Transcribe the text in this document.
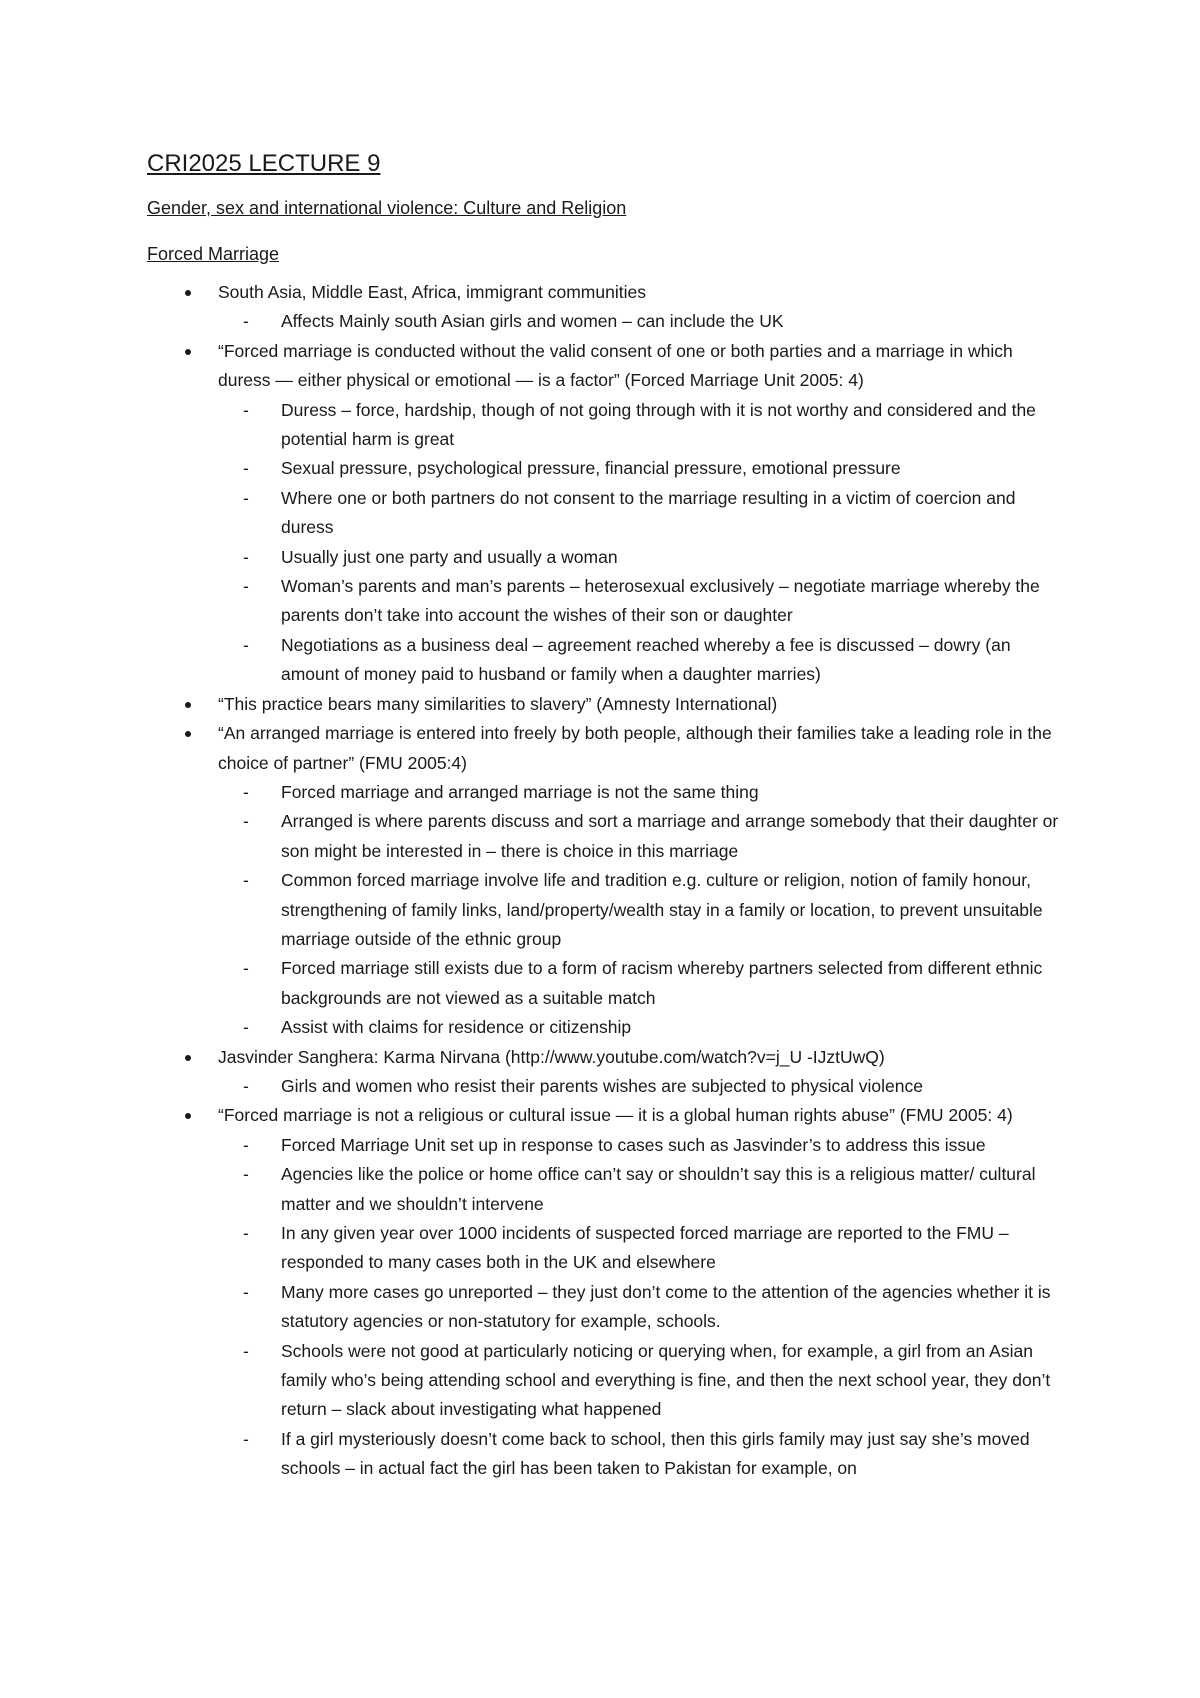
CRI2025 LECTURE 9
Gender, sex and international violence: Culture and Religion
Forced Marriage
South Asia, Middle East, Africa, immigrant communities
-	Affects Mainly south Asian girls and women – can include the UK
“Forced marriage is conducted without the valid consent of one or both parties and a marriage in which duress — either physical or emotional — is a factor” (Forced Marriage Unit 2005: 4)
-	Duress – force, hardship, though of not going through with it is not worthy and considered and the potential harm is great
-	Sexual pressure, psychological pressure, financial pressure, emotional pressure
-	Where one or both partners do not consent to the marriage resulting in a victim of coercion and duress
-	Usually just one party and usually a woman
-	Woman’s parents and man’s parents – heterosexual exclusively – negotiate marriage whereby the parents don’t take into account the wishes of their son or daughter
-	Negotiations as a business deal – agreement reached whereby a fee is discussed – dowry (an amount of money paid to husband or family when a daughter marries)
“This practice bears many similarities to slavery” (Amnesty International)
“An arranged marriage is entered into freely by both people, although their families take a leading role in the choice of partner” (FMU 2005:4)
-	Forced marriage and arranged marriage is not the same thing
-	Arranged is where parents discuss and sort a marriage and arrange somebody that their daughter or son might be interested in – there is choice in this marriage
-	Common forced marriage involve life and tradition e.g. culture or religion, notion of family honour, strengthening of family links, land/property/wealth stay in a family or location, to prevent unsuitable marriage outside of the ethnic group
-	Forced marriage still exists due to a form of racism whereby partners selected from different ethnic backgrounds are not viewed as a suitable match
-	Assist with claims for residence or citizenship
Jasvinder Sanghera: Karma Nirvana (http://www.youtube.com/watch?v=j_U -IJztUwQ)
-	Girls and women who resist their parents wishes are subjected to physical violence
“Forced marriage is not a religious or cultural issue — it is a global human rights abuse” (FMU 2005: 4)
-	Forced Marriage Unit set up in response to cases such as Jasvinder’s to address this issue
-	Agencies like the police or home office can’t say or shouldn’t say this is a religious matter/ cultural matter and we shouldn’t intervene
-	In any given year over 1000 incidents of suspected forced marriage are reported to the FMU – responded to many cases both in the UK and elsewhere
-	Many more cases go unreported – they just don’t come to the attention of the agencies whether it is statutory agencies or non-statutory for example, schools.
-	Schools were not good at particularly noticing or querying when, for example, a girl from an Asian family who’s being attending school and everything is fine, and then the next school year, they don’t return – slack about investigating what happened
-	If a girl mysteriously doesn’t come back to school, then this girls family may just say she’s moved schools – in actual fact the girl has been taken to Pakistan for example, on
